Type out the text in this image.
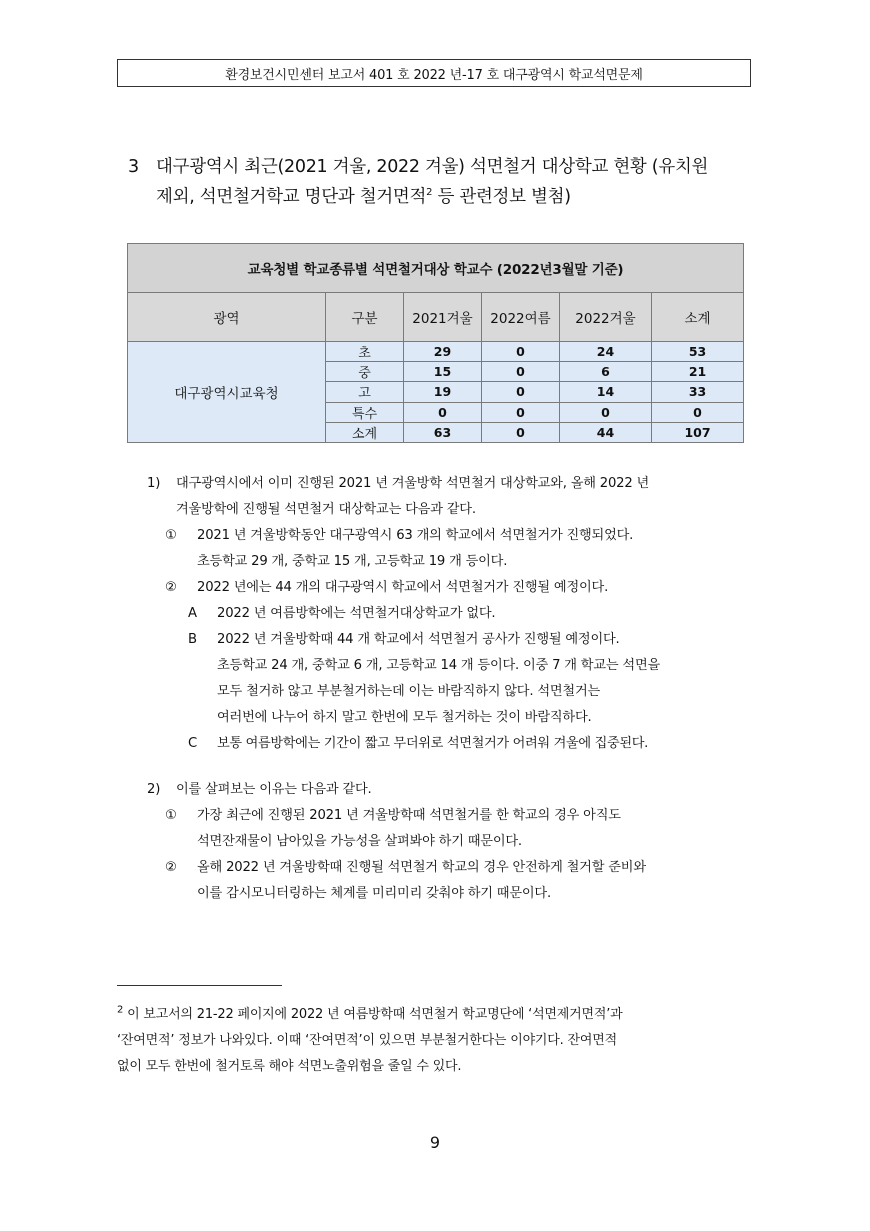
환경보건시민센터 보고서 401 호 2022 년-17 호 대구광역시 학교석면문제
3 대구광역시 최근(2021 겨울, 2022 겨울) 석면철거 대상학교 현황 (유치원
제외, 석면철거학교 명단과 철거면적$^2$ 등 관련정보 별첨)
교육청별 학교종류별 석면철거대상 학교수 (2022년3월말 기준)					
광역	구분	2021겨울	2022여름	2022겨울	소계
대구광역시교육청	초	29	0	24	53
	중	15	0	6	21
	고	19	0	14	33
	특수	0	0	0	0
	소계	63	0	44	107
1) 대구광역시에서 이미 진행된 2021 년 겨울방학 석면철거 대상학교와, 올해 2022 년
겨울방학에 진행될 석면철거 대상학교는 다음과 같다.
① 2021 년 겨울방학동안 대구광역시 63 개의 학교에서 석면철거가 진행되었다.
초등학교 29 개, 중학교 15 개, 고등학교 19 개 등이다.
② 2022 년에는 44 개의 대구광역시 학교에서 석면철거가 진행될 예정이다.
A 2022 년 여름방학에는 석면철거대상학교가 없다.
B 2022 년 겨울방학때 44 개 학교에서 석면철거 공사가 진행될 예정이다.
초등학교 24 개, 중학교 6 개, 고등학교 14 개 등이다. 이중 7 개 학교는 석면을
모두 철거하 않고 부분철거하는데 이는 바람직하지 않다. 석면철거는
여러번에 나누어 하지 말고 한번에 모두 철거하는 것이 바람직하다.
C 보통 여름방학에는 기간이 짧고 무더위로 석면철거가 어려워 겨울에 집중된다.
2) 이를 살펴보는 이유는 다음과 같다.
① 가장 최근에 진행된 2021 년 겨울방학때 석면철거를 한 학교의 경우 아직도
석면잔재물이 남아있을 가능성을 살펴봐야 하기 때문이다.
② 올해 2022 년 겨울방학때 진행될 석면철거 학교의 경우 안전하게 철거할 준비와
이를 감시모니터링하는 체계를 미리미리 갖춰야 하기 때문이다.
$^2$ 이 보고서의 21-22 페이지에 2022 년 여름방학때 석면철거 학교명단에 ‘석면제거면적’과
‘잔여면적’ 정보가 나와있다. 이때 ‘잔여면적’이 있으면 부분철거한다는 이야기다. 잔여면적
없이 모두 한번에 철거토록 해야 석면노출위험을 줄일 수 있다.
9
